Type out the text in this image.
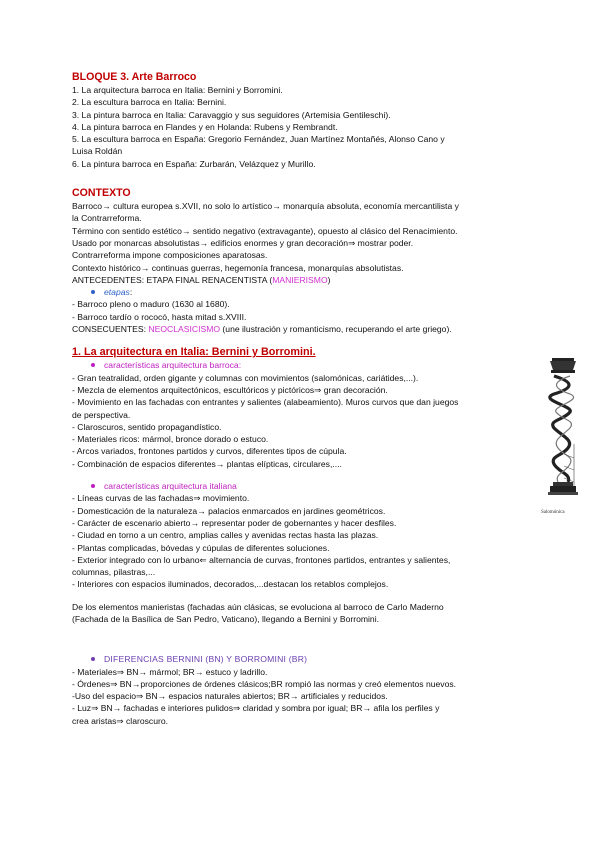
BLOQUE 3. Arte Barroco
1. La arquitectura barroca en Italia: Bernini y Borromini.
2. La escultura barroca en Italia: Bernini.
3. La pintura barroca en Italia: Caravaggio y sus seguidores (Artemisia Gentileschi).
4. La pintura barroca en Flandes y en Holanda: Rubens y Rembrandt.
5. La escultura barroca en España: Gregorio Fernández, Juan Martínez Montañés, Alonso Cano y
Luisa Roldán
6. La pintura barroca en España: Zurbarán, Velázquez y Murillo.
CONTEXTO
Barroco→ cultura europea s.XVII, no solo lo artístico→ monarquía absoluta, economía mercantilista y
la Contrarreforma.
Término con sentido estético→ sentido negativo (extravagante), opuesto al clásico del Renacimiento.
Usado por monarcas absolutistas→ edificios enormes y gran decoración⇒ mostrar poder.
Contrarreforma impone composiciones aparatosas.
Contexto histórico→ continuas guerras, hegemonía francesa, monarquías absolutistas.
ANTECEDENTES: ETAPA FINAL RENACENTISTA (MANIERISMO)
etapas :
- Barroco pleno o maduro (1630 al 1680).
- Barroco tardío o rococó, hasta mitad s.XVIII.
CONSECUENTES: NEOCLASICISMO (une ilustración y romanticismo, recuperando el arte griego).
1. La arquitectura en Italia: Bernini y Borromini.
características arquitectura barroca:
- Gran teatralidad, orden gigante y columnas con movimientos (salomónicas, cariátides,...).
- Mezcla de elementos arquitectónicos, escultóricos y pictóricos⇒ gran decoración.
- Movimiento en las fachadas con entrantes y salientes (alabeamiento). Muros curvos que dan juegos
de perspectiva.
- Claroscuros, sentido propagandístico.
- Materiales ricos: mármol, bronce dorado o estuco.
- Arcos variados, frontones partidos y curvos, diferentes tipos de cúpula.
- Combinación de espacios diferentes→ plantas elípticas, circulares,....
características arquitectura italiana
- Líneas curvas de las fachadas⇒ movimiento.
- Domesticación de la naturaleza→ palacios enmarcados en jardines geométricos.
- Carácter de escenario abierto→ representar poder de gobernantes y hacer desfiles.
- Ciudad en torno a un centro, amplias calles y avenidas rectas hasta las plazas.
- Plantas complicadas, bóvedas y cúpulas de diferentes soluciones.
- Exterior integrado con lo urbano⇐ alternancia de curvas, frontones partidos, entrantes y salientes,
columnas, pilastras,...
- Interiores con espacios iluminados, decorados,...destacan los retablos complejos.
De los elementos manieristas (fachadas aún clásicas, se evoluciona al barroco de Carlo Maderno
(Fachada de la Basílica de San Pedro, Vaticano), llegando a Bernini y Borromini.
DIFERENCIAS BERNINI (BN) Y BORROMINI (BR)
- Materiales⇒ BN→ mármol; BR→ estuco y ladrillo.
- Órdenes⇒ BN→proporciones de órdenes clásicos;BR rompió las normas y creó elementos nuevos.
-Uso del espacio⇒ BN→ espacios naturales abiertos; BR→ artificiales y reducidos.
- Luz⇒ BN→ fachadas e interiores pulidos⇒ claridad y sombra por igual; BR→ afila los perfiles y
crea aristas⇒ claroscuro.
Salomónica
